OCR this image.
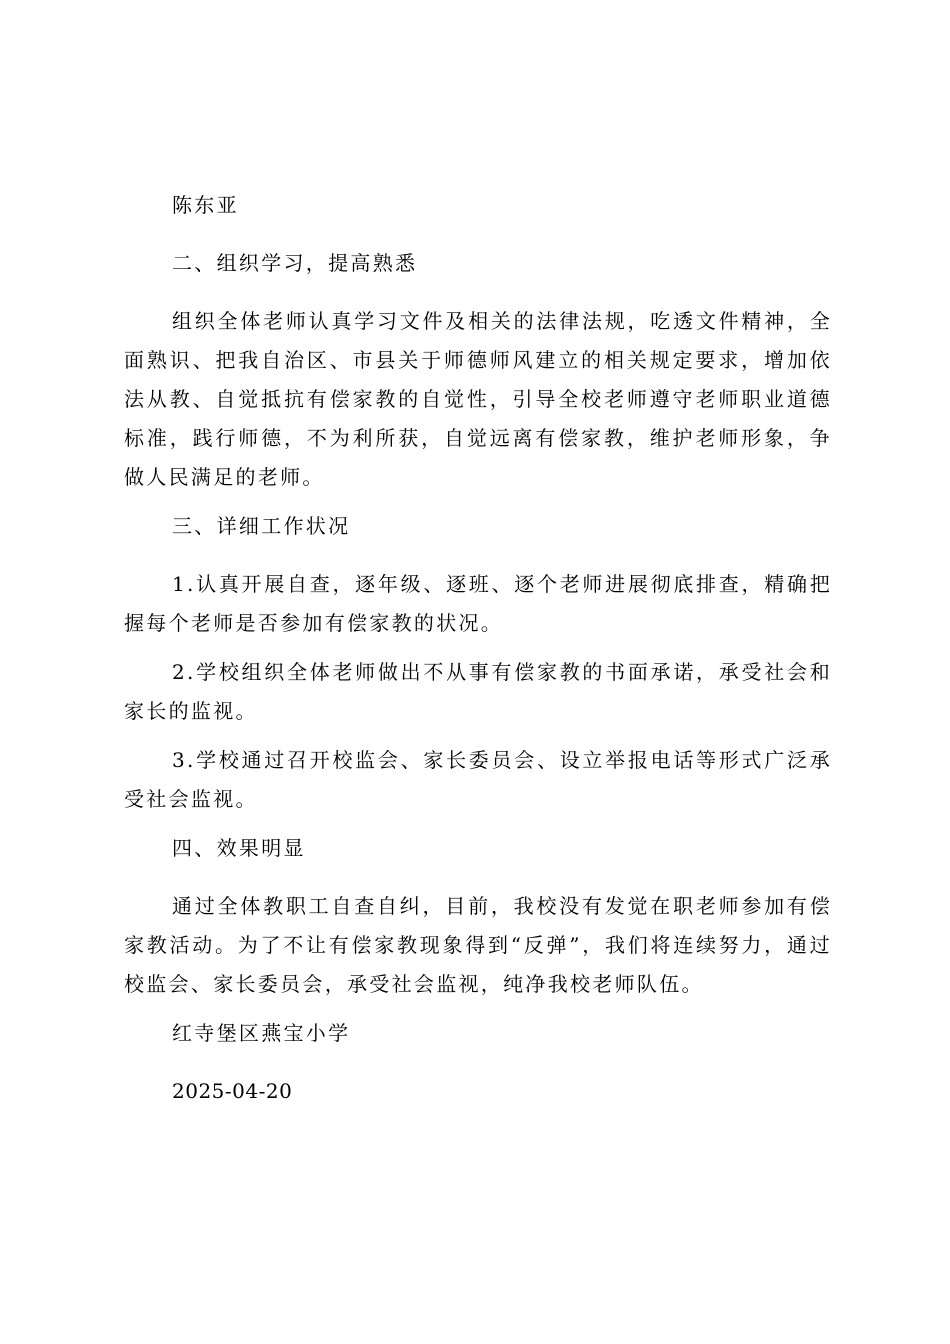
陈东亚

二、组织学习，提高熟悉

组织全体老师认真学习文件及相关的法律法规，吃透文件精神，全面熟识、把我自治区、市县关于师德师风建立的相关规定要求，增加依法从教、自觉抵抗有偿家教的自觉性，引导全校老师遵守老师职业道德标准，践行师德，不为利所获，自觉远离有偿家教，维护老师形象，争做人民满足的老师。

三、详细工作状况

1.认真开展自查，逐年级、逐班、逐个老师进展彻底排查，精确把握每个老师是否参加有偿家教的状况。

2.学校组织全体老师做出不从事有偿家教的书面承诺，承受社会和家长的监视。

3.学校通过召开校监会、家长委员会、设立举报电话等形式广泛承受社会监视。

四、效果明显

通过全体教职工自查自纠，目前，我校没有发觉在职老师参加有偿家教活动。为了不让有偿家教现象得到“反弹”，我们将连续努力，通过校监会、家长委员会，承受社会监视，纯净我校老师队伍。

红寺堡区燕宝小学

2025-04-20
